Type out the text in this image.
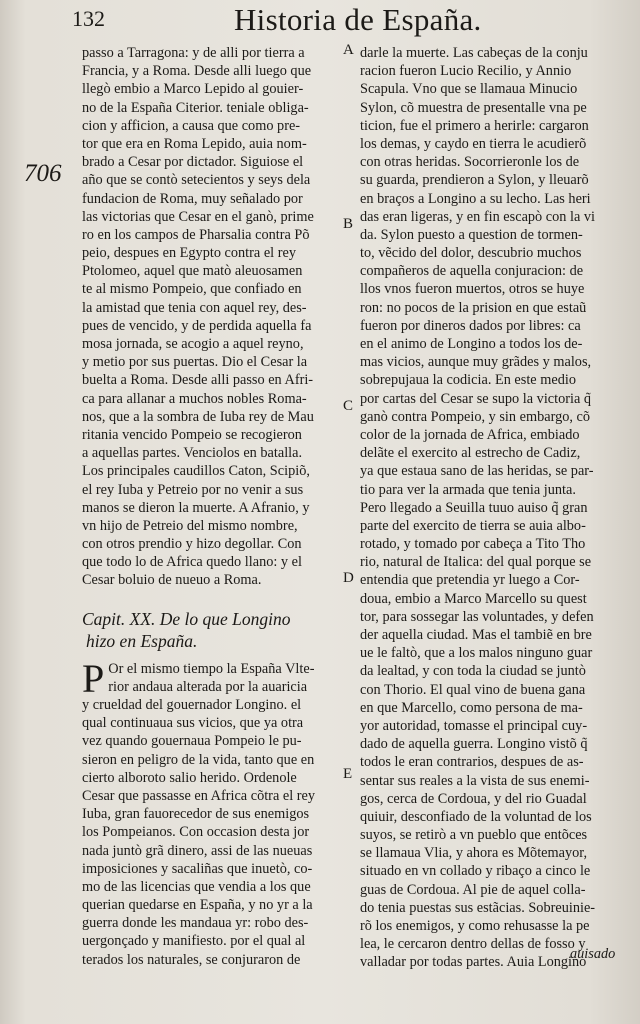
132	Historia de España.
706
passo a Tarragona: y de alli por tierra a
Francia, y a Roma. Desde alli luego que
llegò embio a Marco Lepido al gouier-
no de la España Citerior. teniale obliga-
cion y afficion, a causa que como pre-
tor que era en Roma Lepido, auia nom-
brado a Cesar por dictador. Siguiose el
año que se contò setecientos y seys dela
fundacion de Roma, muy señalado por
las victorias que Cesar en el ganò, prime
ro en los campos de Pharsalia contra Põ
peio, despues en Egypto contra el rey
Ptolomeo, aquel que matò aleuosamen
te al mismo Pompeio, que confiado en
la amistad que tenia con aquel rey, des-
pues de vencido, y de perdida aquella fa
mosa jornada, se acogio a aquel reyno,
y metio por sus puertas. Dio el Cesar la
buelta a Roma. Desde alli passo en Afri-
ca para allanar a muchos nobles Roma-
nos, que a la sombra de Iuba rey de Mau
ritania vencido Pompeio se recogieron
a aquellas partes. Venciolos en batalla.
Los principales caudillos Caton, Scipiõ,
el rey Iuba y Petreio por no venir a sus
manos se dieron la muerte. A Afranio, y
vn hijo de Petreio del mismo nombre,
con otros prendio y hizo degollar. Con
que todo lo de Africa quedo llano: y el
Cesar boluio de nueuo a Roma.
Capit. XX. De lo que Longino
hizo en España.
P Or el mismo tiempo la España Vlte-
rior andaua alterada por la auaricia
y crueldad del gouernador Longino. el
qual continuaua sus vicios, que ya otra
vez quando gouernaua Pompeio le pu-
sieron en peligro de la vida, tanto que en
cierto alboroto salio herido. Ordenole
Cesar que passasse en Africa cõtra el rey
Iuba, gran fauorecedor de sus enemigos
los Pompeianos. Con occasion desta jor
nada juntò grã dinero, assi de las nueuas
imposiciones y sacaliñas que inuetò, co-
mo de las licencias que vendia a los que
querian quedarse en España, y no yr a la
guerra donde les mandaua yr: robo des-
uergonçado y manifiesto. por el qual al
terados los naturales, se conjuraron de
darle la muerte. Las cabeças de la conju
racion fueron Lucio Recilio, y Annio
Scapula. Vno que se llamaua Minucio
Sylon, cõ muestra de presentalle vna pe
ticion, fue el primero a herirle: cargaron
los demas, y caydo en tierra le acudierõ
con otras heridas. Socorrieronle los de
su guarda, prendieron a Sylon, y lleuarõ
en braços a Longino a su lecho. Las heri
das eran ligeras, y en fin escapò con la vi
da. Sylon puesto a question de tormen-
to, vẽcido del dolor, descubrio muchos
compañeros de aquella conjuracion: de
llos vnos fueron muertos, otros se huye
ron: no pocos de la prision en que estaũ
fueron por dineros dados por libres: ca
en el animo de Longino a todos los de-
mas vicios, aunque muy grãdes y malos,
sobrepujaua la codicia. En este medio
por cartas del Cesar se supo la victoria q̃
ganò contra Pompeio, y sin embargo, cõ
color de la jornada de Africa, embiado
delãte el exercito al estrecho de Cadiz,
ya que estaua sano de las heridas, se par-
tio para ver la armada que tenia junta.
Pero llegado a Seuilla tuuo auiso q̃ gran
parte del exercito de tierra se auia albo-
rotado, y tomado por cabeça a Tito Tho
rio, natural de Italica: del qual porque se
entendia que pretendia yr luego a Cor-
doua, embio a Marco Marcello su quest
tor, para sossegar las voluntades, y defen
der aquella ciudad. Mas el tambiẽ en bre
ue le faltò, que a los malos ninguno guar
da lealtad, y con toda la ciudad se juntò
con Thorio. El qual vino de buena gana
en que Marcello, como persona de ma-
yor autoridad, tomasse el principal cuy-
dado de aquella guerra. Longino vistõ q̃
todos le eran contrarios, despues de as-
sentar sus reales a la vista de sus enemi-
gos, cerca de Cordoua, y del rio Guadal
quiuir, desconfiado de la voluntad de los
suyos, se retirò a vn pueblo que entõces
se llamaua Vlia, y ahora es Mõtemayor,
situado en vn collado y ribaço a cinco le
guas de Cordoua. Al pie de aquel colla-
do tenia puestas sus estãcias. Sobreuinie-
rõ los enemigos, y como rehusasse la pe
lea, le cercaron dentro dellas de fosso y
valladar por todas partes. Auia Longino
A
B
C
D
E
auisado
